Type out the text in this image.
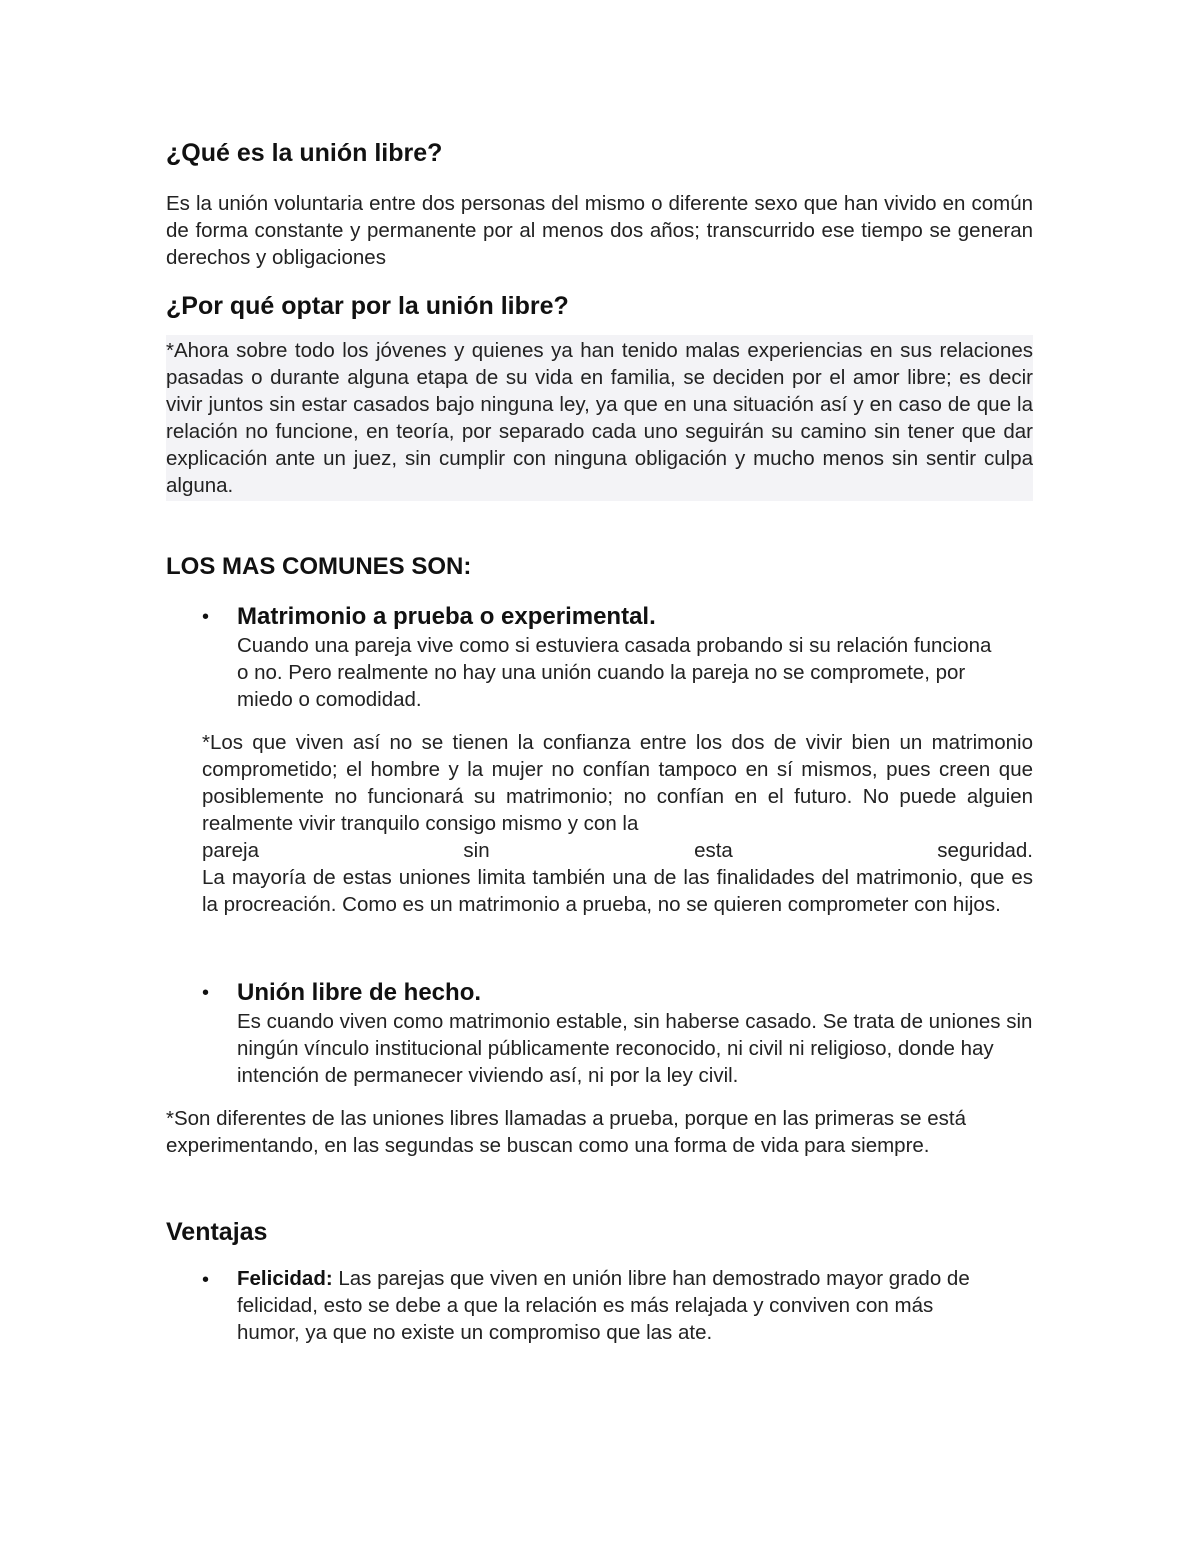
¿Qué es la unión libre?

Es la unión voluntaria entre dos personas del mismo o diferente sexo que han vivido en común de forma constante y permanente por al menos dos años; transcurrido ese tiempo se generan derechos y obligaciones

¿Por qué optar por la unión libre?

*Ahora sobre todo los jóvenes y quienes ya han tenido malas experiencias en sus relaciones pasadas o durante alguna etapa de su vida en familia, se deciden por el amor libre; es decir vivir juntos sin estar casados bajo ninguna ley, ya que en una situación así y en caso de que la relación no funcione, en teoría, por separado cada uno seguirán su camino sin tener que dar explicación ante un juez, sin cumplir con ninguna obligación y mucho menos sin sentir culpa alguna.

LOS MAS COMUNES SON:
• Matrimonio a prueba o experimental.
Cuando una pareja vive como si estuviera casada probando si su relación funciona o no. Pero realmente no hay una unión cuando la pareja no se compromete, por miedo o comodidad.

*Los que viven así no se tienen la confianza entre los dos de vivir bien un matrimonio comprometido; el hombre y la mujer no confían tampoco en sí mismos, pues creen que posiblemente no funcionará su matrimonio; no confían en el futuro. No puede alguien realmente vivir tranquilo consigo mismo y con la

pareja	sin	esta	seguridad.

La mayoría de estas uniones limita también una de las finalidades del matrimonio, que es la procreación. Como es un matrimonio a prueba, no se quieren comprometer con hijos.

• Unión libre de hecho.
Es cuando viven como matrimonio estable, sin haberse casado. Se trata de uniones sin ningún vínculo institucional públicamente reconocido, ni civil ni religioso, donde hay intención de permanecer viviendo así, ni por la ley civil.

*Son diferentes de las uniones libres llamadas a prueba, porque en las primeras se está experimentando, en las segundas se buscan como una forma de vida para siempre.

Ventajas
• Felicidad: Las parejas que viven en unión libre han demostrado mayor grado de felicidad, esto se debe a que la relación es más relajada y conviven con más humor, ya que no existe un compromiso que las ate.
